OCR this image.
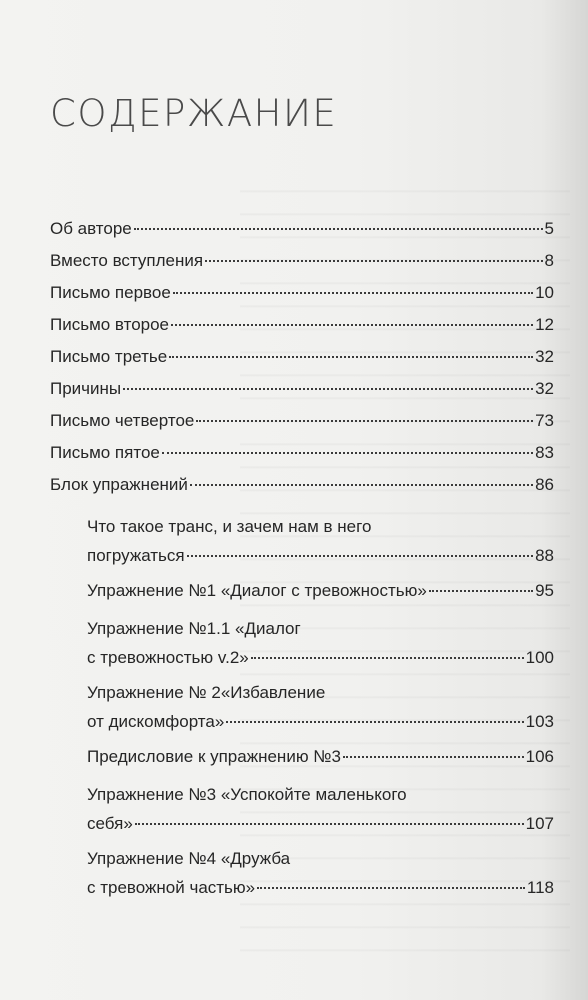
СОДЕРЖАНИЕ
Об авторе	5
Вместо вступления	8
Письмо первое	10
Письмо второе	12
Письмо третье	32
Причины	32
Письмо четвертое	73
Письмо пятое	83
Блок упражнений	86
Что такое транс, и зачем нам в него
погружаться	88
Упражнение №1 «Диалог с тревожностью»	95
Упражнение №1.1 «Диалог
с тревожностью v.2»	100
Упражнение № 2«Избавление
от дискомфорта»	103
Предисловие к упражнению №3	106
Упражнение №3 «Успокойте маленького
себя»	107
Упражнение №4 «Дружба
с тревожной частью»	118
